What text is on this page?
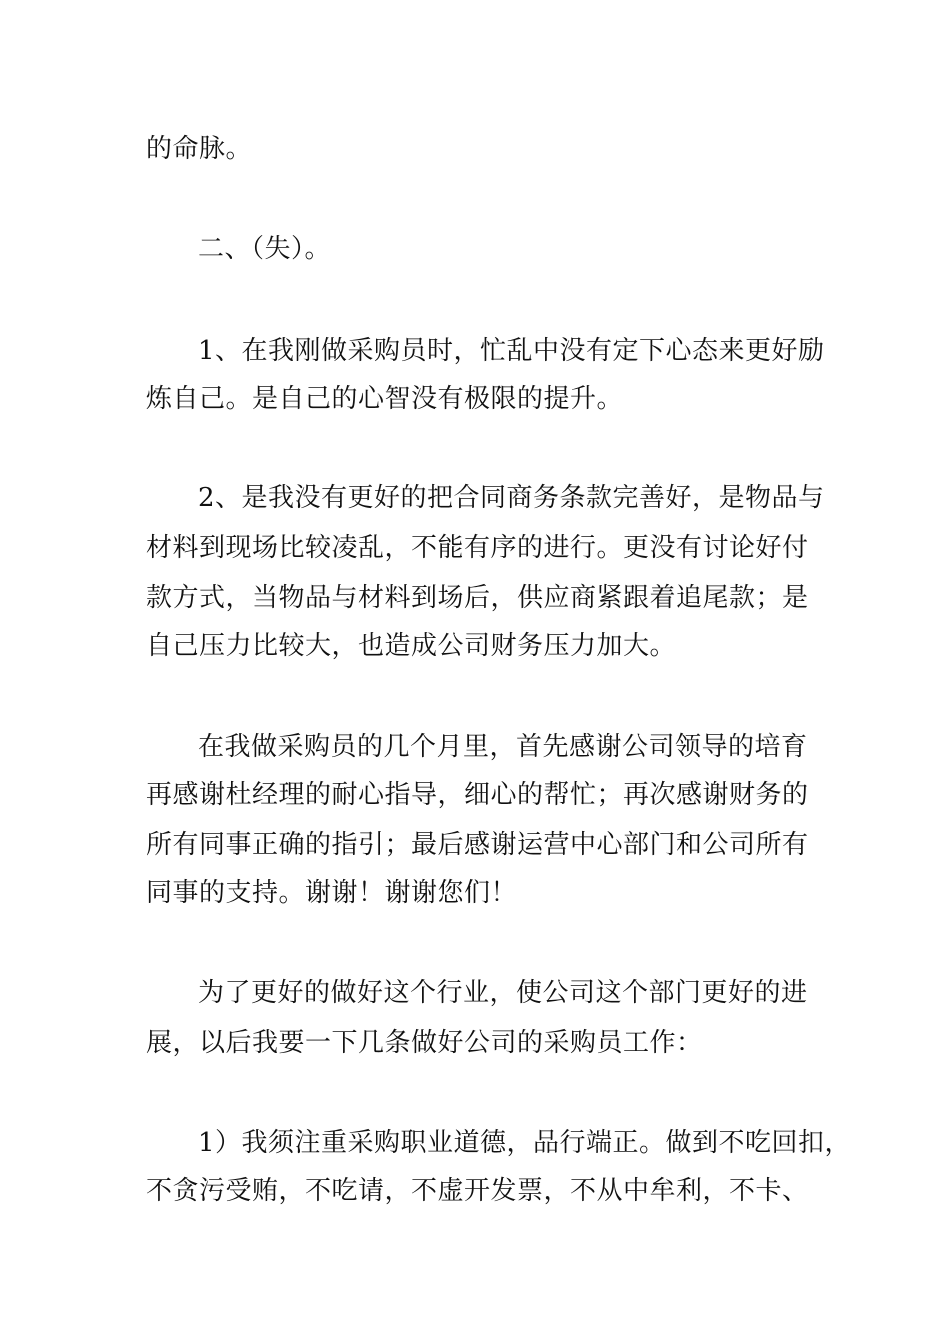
的命脉。
二、（失）。
1、在我刚做采购员时，忙乱中没有定下心态来更好励
炼自己。是自己的心智没有极限的提升。
2、是我没有更好的把合同商务条款完善好，是物品与
材料到现场比较凌乱，不能有序的进行。更没有讨论好付
款方式，当物品与材料到场后，供应商紧跟着追尾款；是
自己压力比较大，也造成公司财务压力加大。
在我做采购员的几个月里，首先感谢公司领导的培育
再感谢杜经理的耐心指导，细心的帮忙；再次感谢财务的
所有同事正确的指引；最后感谢运营中心部门和公司所有
同事的支持。谢谢！谢谢您们！
为了更好的做好这个行业，使公司这个部门更好的进
展，以后我要一下几条做好公司的采购员工作：
1）我须注重采购职业道德，品行端正。做到不吃回扣，
不贪污受贿，不吃请，不虚开发票，不从中牟利，不卡、
